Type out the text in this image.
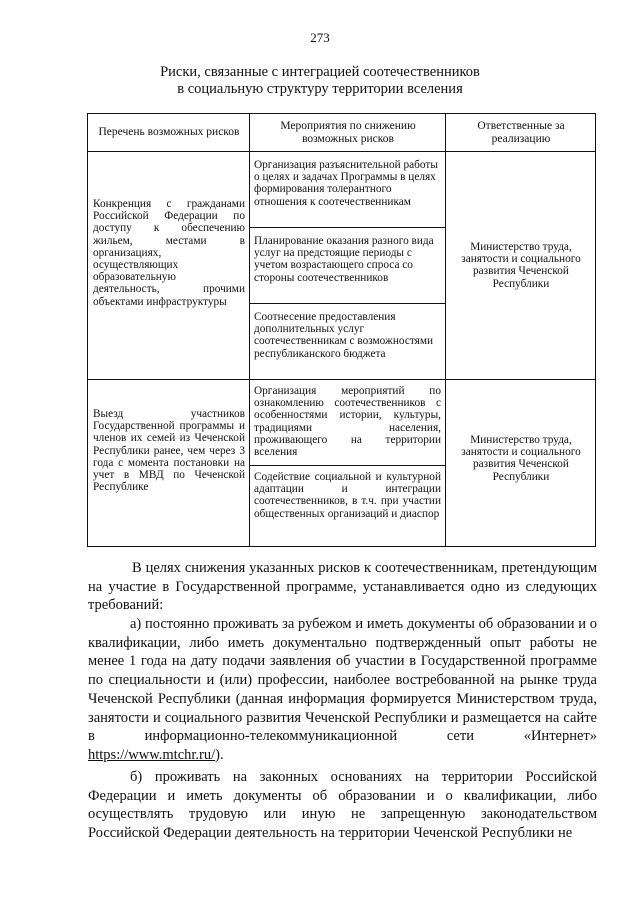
273
Риски, связанные с интеграцией соотечественников
в социальную структуру территории вселения
Перечень возможных рисков
Мероприятия по снижению возможных рисков
Ответственные за реализацию
Конкренция с гражданами Российской Федерации по доступу к обеспечению жильем, местами в организациях, осуществляющих образовательную деятельность, прочими объектами инфраструктуры
Организация разъяснительной работы о целях и задачах Программы в целях формирования толерантного отношения к соотечественникам
Планирование оказания разного вида услуг на предстоящие периоды с учетом возрастающего спроса со стороны соотечественников
Соотнесение предоставления дополнительных услуг соотечественникам с возможностями республиканского бюджета
Министерство труда, занятости и социального развития Чеченской Республики
Выезд участников Государственной программы и членов их семей из Чеченской Республики ранее, чем через 3 года с момента постановки на учет в МВД по Чеченской Республике
Организация мероприятий по ознакомлению соотечественников с особенностями истории, культуры, традициями населения, проживающего на территории вселения
Содействие социальной и культурной адаптации и интеграции соотечественников, в т.ч. при участии общественных организаций и диаспор
Министерство труда, занятости и социального развития Чеченской Республики
В целях снижения указанных рисков к соотечественникам, претендующим на участие в Государственной программе, устанавливается одно из следующих требований:
а) постоянно проживать за рубежом и иметь документы об образовании и о квалификации, либо иметь документально подтвержденный опыт работы не менее 1 года на дату подачи заявления об участии в Государственной программе по специальности и (или) профессии, наиболее востребованной на рынке труда Чеченской Республики (данная информация формируется Министерством труда, занятости и социального развития Чеченской Республики и размещается на сайте в информационно-телекоммуникационной сети «Интернет» https://www.mtchr.ru/).
б) проживать на законных основаниях на территории Российской Федерации и иметь документы об образовании и о квалификации, либо осуществлять трудовую или иную не запрещенную законодательством Российской Федерации деятельность на территории Чеченской Республики не
